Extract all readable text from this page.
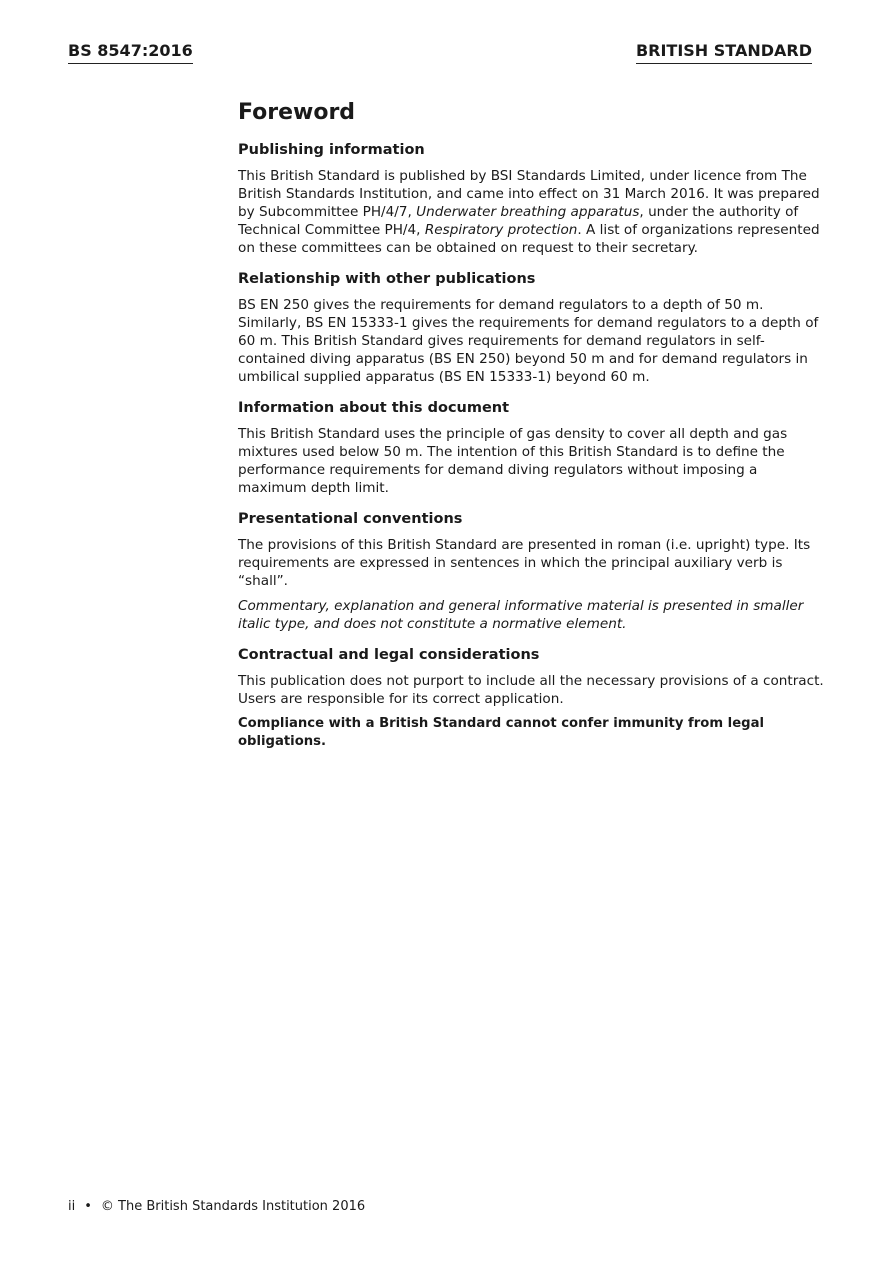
BS 8547:2016	BRITISH STANDARD
Foreword
Publishing information

This British Standard is published by BSI Standards Limited, under licence from The British Standards Institution, and came into effect on 31 March 2016. It was prepared by Subcommittee PH/4/7, Underwater breathing apparatus, under the authority of Technical Committee PH/4, Respiratory protection. A list of organizations represented on these committees can be obtained on request to their secretary.

Relationship with other publications

BS EN 250 gives the requirements for demand regulators to a depth of 50 m. Similarly, BS EN 15333-1 gives the requirements for demand regulators to a depth of 60 m. This British Standard gives requirements for demand regulators in self-contained diving apparatus (BS EN 250) beyond 50 m and for demand regulators in umbilical supplied apparatus (BS EN 15333-1) beyond 60 m.

Information about this document

This British Standard uses the principle of gas density to cover all depth and gas mixtures used below 50 m. The intention of this British Standard is to define the performance requirements for demand diving regulators without imposing a maximum depth limit.

Presentational conventions

The provisions of this British Standard are presented in roman (i.e. upright) type. Its requirements are expressed in sentences in which the principal auxiliary verb is “shall”.

Commentary, explanation and general informative material is presented in smaller italic type, and does not constitute a normative element.

Contractual and legal considerations

This publication does not purport to include all the necessary provisions of a contract. Users are responsible for its correct application.

Compliance with a British Standard cannot confer immunity from legal obligations.

ii • © The British Standards Institution 2016
